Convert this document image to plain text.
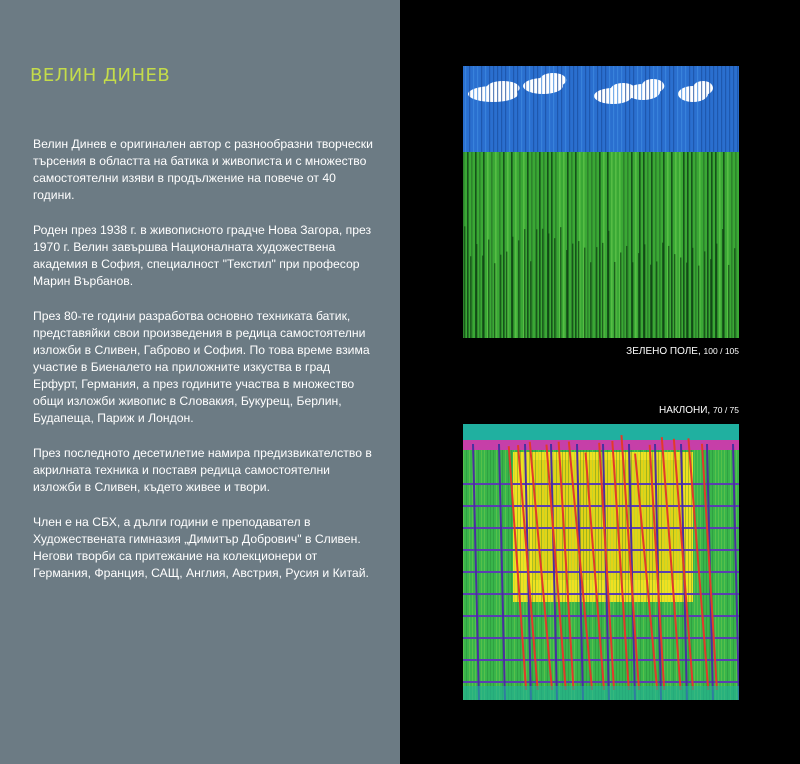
ВЕЛИН ДИНЕВ

Велин Динев е оригинален автор с разнообразни творчески търсения в областта на батика и живописта и с множество самостоятелни изяви в продължение на повече от 40 години.

Роден през 1938 г. в живописното градче Нова Загора, през 1970 г. Велин завършва Националната художествена академия в София, специалност "Текстил" при професор Марин Върбанов.

През 80-те години разработва основно техниката батик, представяйки свои произведения в редица самостоятелни изложби в Сливен, Габрово и София. По това време взима участие в Биеналето на приложните изкуства в град Ерфурт, Германия, а през годините участва в множество общи изложби живопис в Словакия, Букурещ, Берлин, Будапеща, Париж и Лондон.

През последното десетилетие намира предизвикателство в акрилната техника и поставя редица самостоятелни изложби в Сливен, където живее и твори.

Член е на СБХ, а дълги години е преподавател в Художествената гимназия „Димитър Добрович" в Сливен. Негови творби са притежание на колекционери от Германия, Франция, САЩ, Англия, Австрия, Русия и Китай.

ЗЕЛЕНО ПОЛЕ, 100 / 105
НАКЛОНИ, 70 / 75
